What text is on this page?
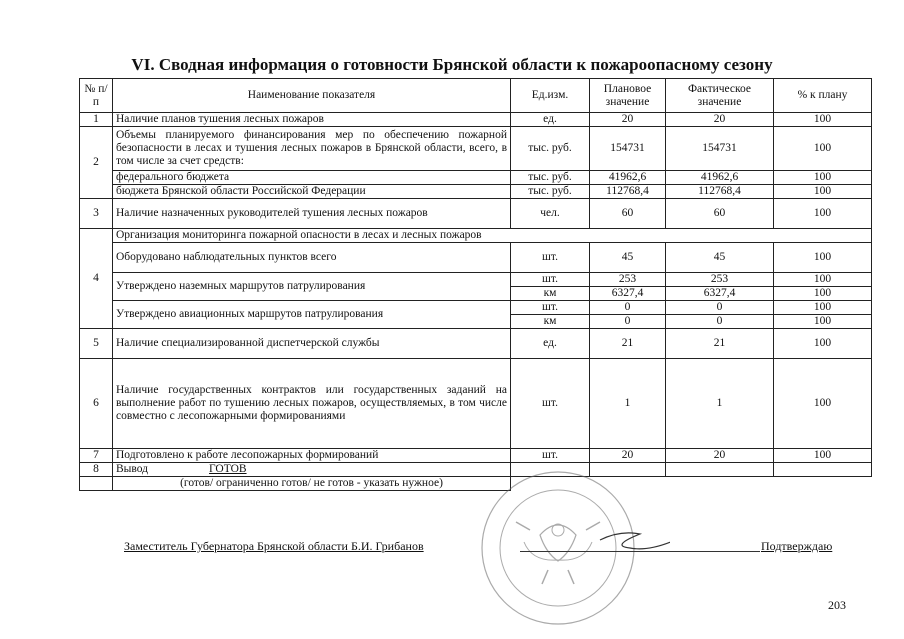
VI. Сводная информация о готовности Брянской области к пожароопасному сезону
№ п/п	Наименование показателя	Ед.изм.	Плановое значение	Фактическое значение	% к плану
1	Наличие планов тушения лесных пожаров	ед.	20	20	100
2	Объемы планируемого финансирования мер по обеспечению пожарной безопасности в лесах и тушения лесных пожаров в Брянской области, всего, в том числе за счет средств:	тыс. руб.	154731	154731	100
	федерального бюджета	тыс. руб.	41962,6	41962,6	100
	бюджета Брянской области Российской Федерации	тыс. руб.	112768,4	112768,4	100
3	Наличие назначенных руководителей тушения лесных пожаров	чел.	60	60	100
4	Организация мониторинга пожарной опасности в лесах и лесных пожаров				
	Оборудовано наблюдательных пунктов всего	шт.	45	45	100
	Утверждено наземных маршрутов патрулирования	шт.	253	253	100
		км	6327,4	6327,4	100
	Утверждено авиационных маршрутов патрулирования	шт.	0	0	100
		км	0	0	100
5	Наличие специализированной диспетчерской службы	ед.	21	21	100
6	Наличие государственных контрактов или государственных заданий на выполнение работ по тушению лесных пожаров, осуществляемых, в том числе совместно с лесопожарными формированиями	шт.	1	1	100
7	Подготовлено к работе лесопожарных формирований	шт.	20	20	100
8	Вывод ГОТОВ				
	(готов/ ограниченно готов/ не готов - указать нужное)				
Заместитель Губернатора Брянской области Б.И. Грибанов	Подтверждаю
203
